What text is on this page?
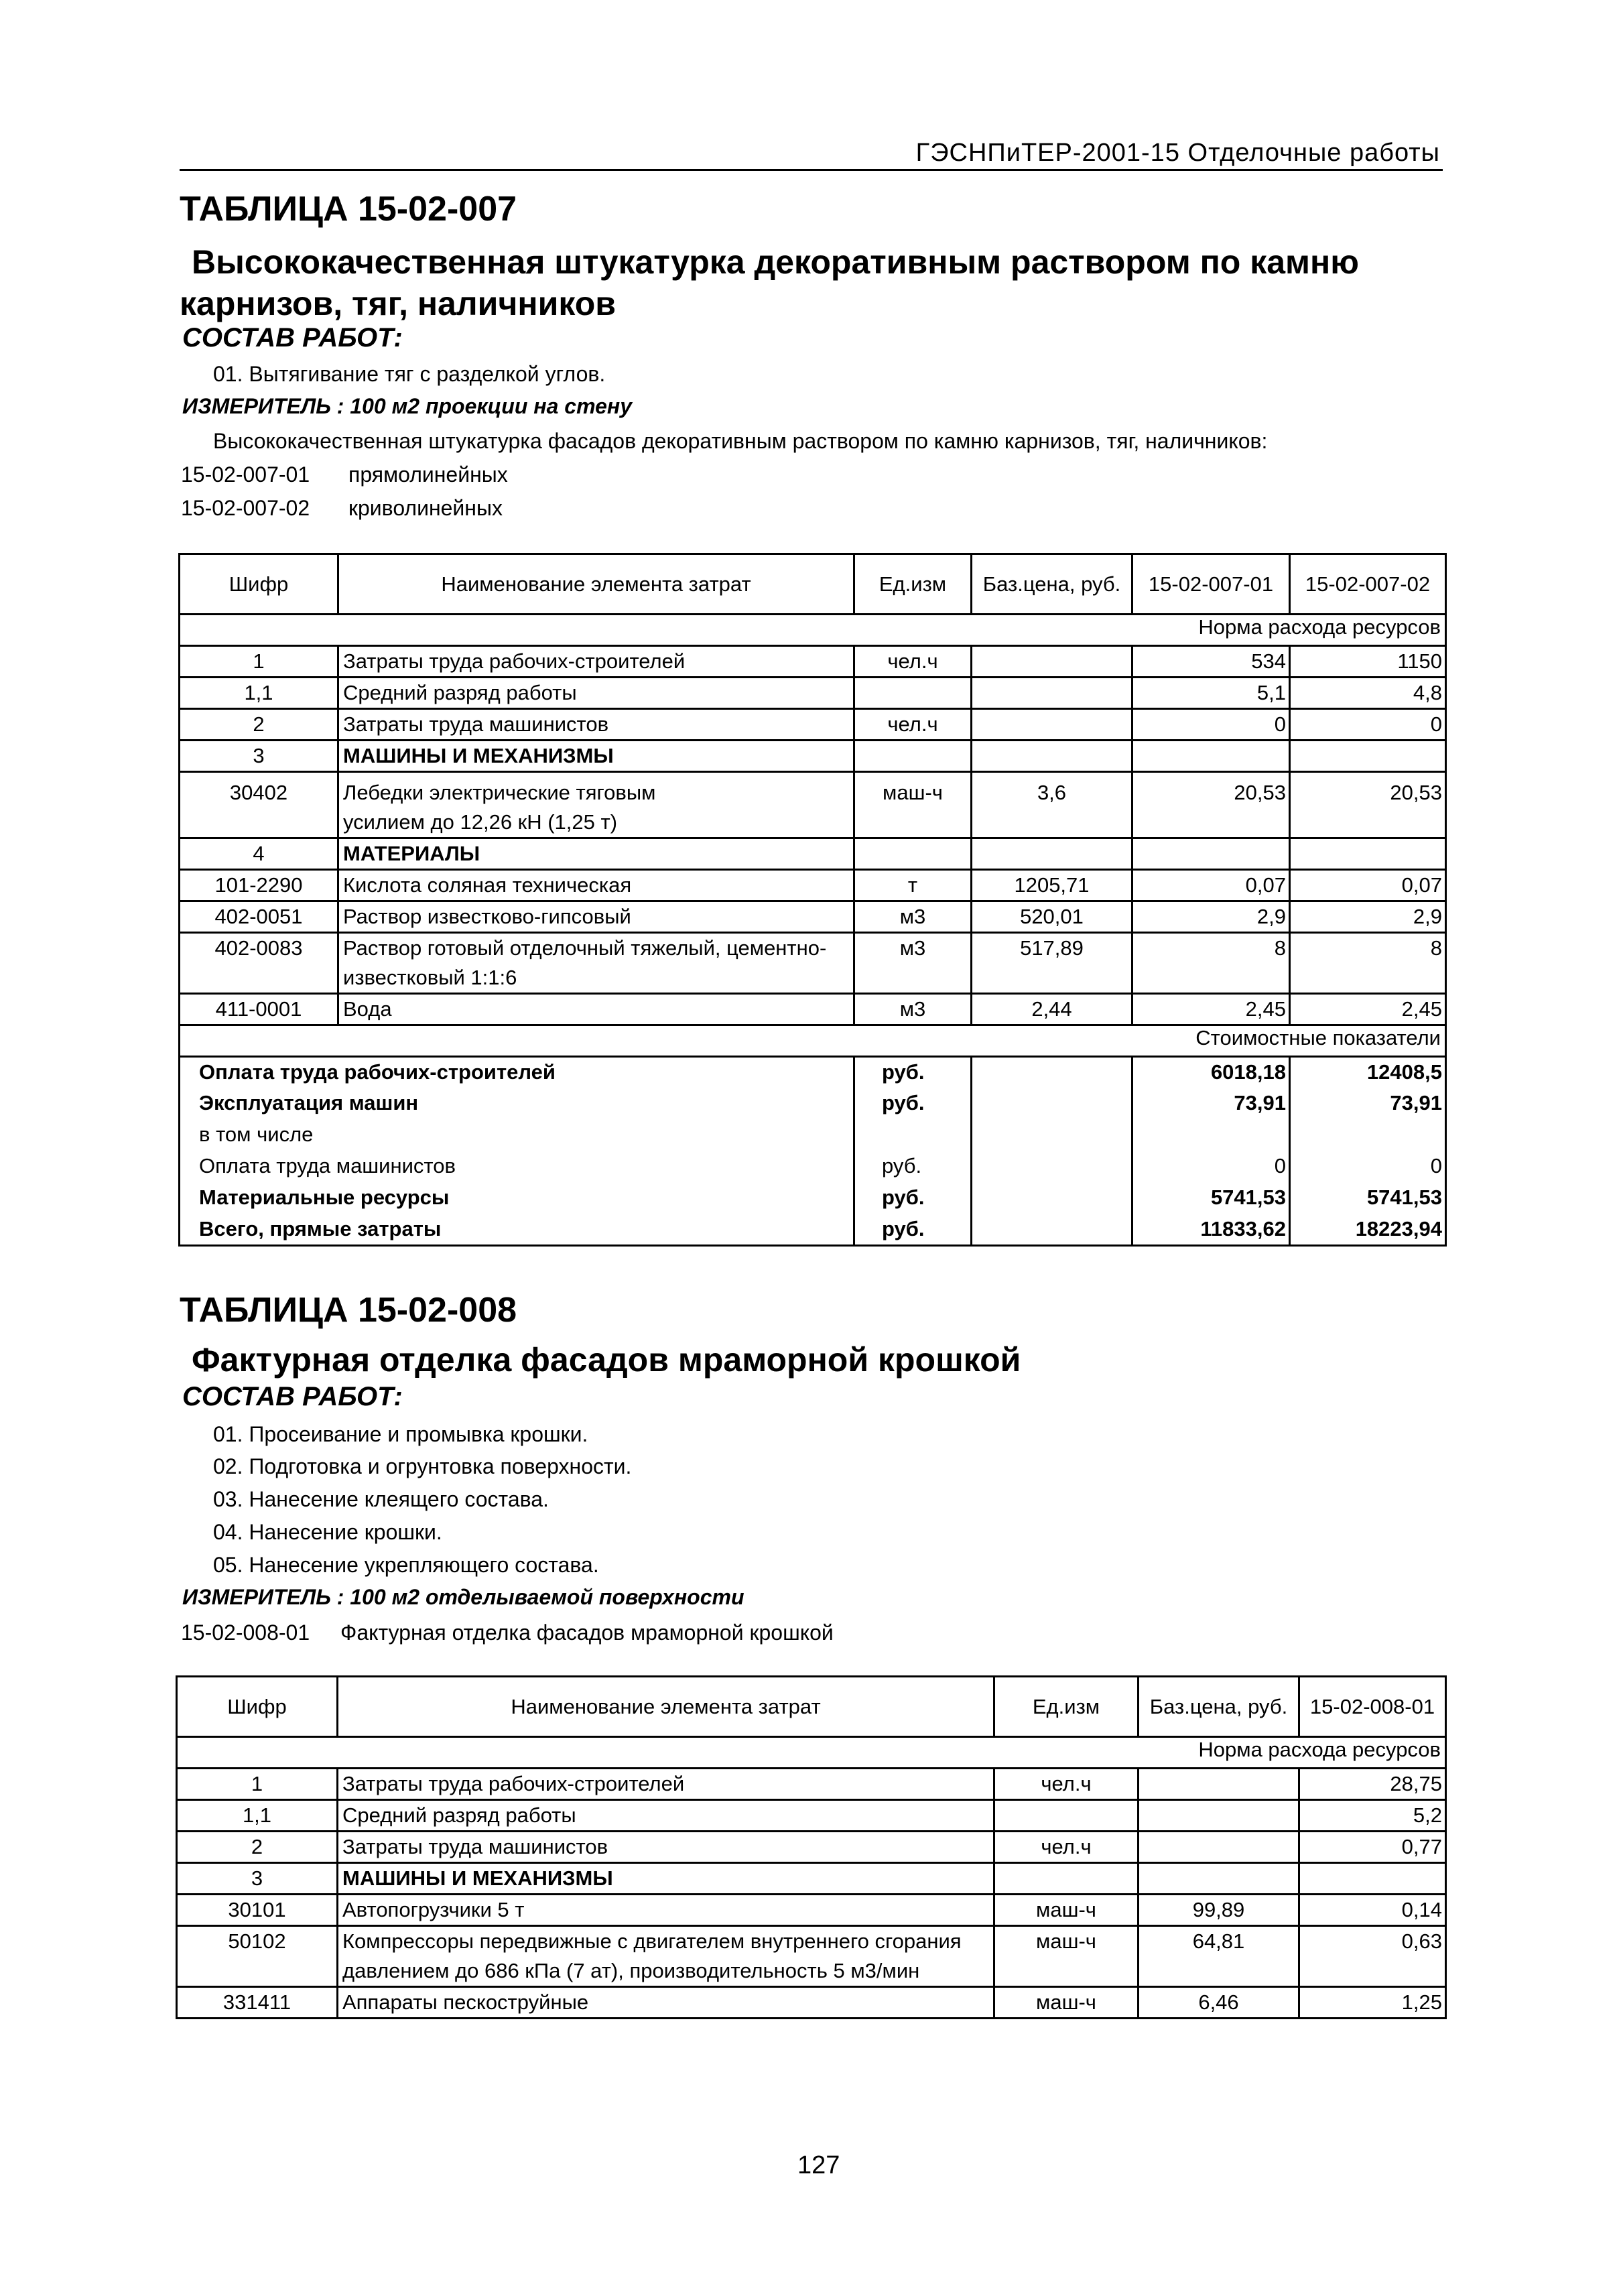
ГЭСНПиТЕР-2001-15 Отделочные работы
ТАБЛИЦА 15-02-007
Высококачественная штукатурка декоративным раствором по камню
карнизов, тяг, наличников
СОСТАВ РАБОТ:
01. Вытягивание тяг с разделкой углов.
ИЗМЕРИТЕЛЬ : 100 м2 проекции на стену
Высококачественная штукатурка фасадов декоративным раствором по камню карнизов, тяг, наличников:
15-02-007-01 прямолинейных
15-02-007-02 криволинейных
Шифр	Наименование элемента затрат	Ед.изм	Баз.цена, руб.	15-02-007-01	15-02-007-02
Норма расхода ресурсов					
1	Затраты труда рабочих-строителей	чел.ч		534	1150
1,1	Средний разряд работы			5,1	4,8
2	Затраты труда машинистов	чел.ч		0	0
3	МАШИНЫ И МЕХАНИЗМЫ				
30402	Лебедки электрические тяговым усилием до 12,26 кН (1,25 т)	маш-ч	3,6	20,53	20,53
4	МАТЕРИАЛЫ				
101-2290	Кислота соляная техническая	т	1205,71	0,07	0,07
402-0051	Раствор известково-гипсовый	м3	520,01	2,9	2,9
402-0083	Раствор готовый отделочный тяжелый, цементно-известковый 1:1:6	м3	517,89	8	8
411-0001	Вода	м3	2,44	2,45	2,45
Стоимостные показатели					
Оплата труда рабочих-строителей		руб.		6018,18	12408,5
Эксплуатация машин		руб.		73,91	73,91
в том числе					
Оплата труда машинистов		руб.		0	0
Материальные ресурсы		руб.		5741,53	5741,53
Всего, прямые затраты		руб.		11833,62	18223,94
ТАБЛИЦА 15-02-008
Фактурная отделка фасадов мраморной крошкой
СОСТАВ РАБОТ:
01. Просеивание и промывка крошки.
02. Подготовка и огрунтовка поверхности.
03. Нанесение клеящего состава.
04. Нанесение крошки.
05. Нанесение укрепляющего состава.
ИЗМЕРИТЕЛЬ : 100 м2 отделываемой поверхности
15-02-008-01 Фактурная отделка фасадов мраморной крошкой
Шифр	Наименование элемента затрат	Ед.изм	Баз.цена, руб.	15-02-008-01
Норма расхода ресурсов				
1	Затраты труда рабочих-строителей	чел.ч		28,75
1,1	Средний разряд работы			5,2
2	Затраты труда машинистов	чел.ч		0,77
3	МАШИНЫ И МЕХАНИЗМЫ			
30101	Автопогрузчики 5 т	маш-ч	99,89	0,14
50102	Компрессоры передвижные с двигателем внутреннего сгорания давлением до 686 кПа (7 ат), производительность 5 м3/мин	маш-ч	64,81	0,63
331411	Аппараты пескоструйные	маш-ч	6,46	1,25
127
